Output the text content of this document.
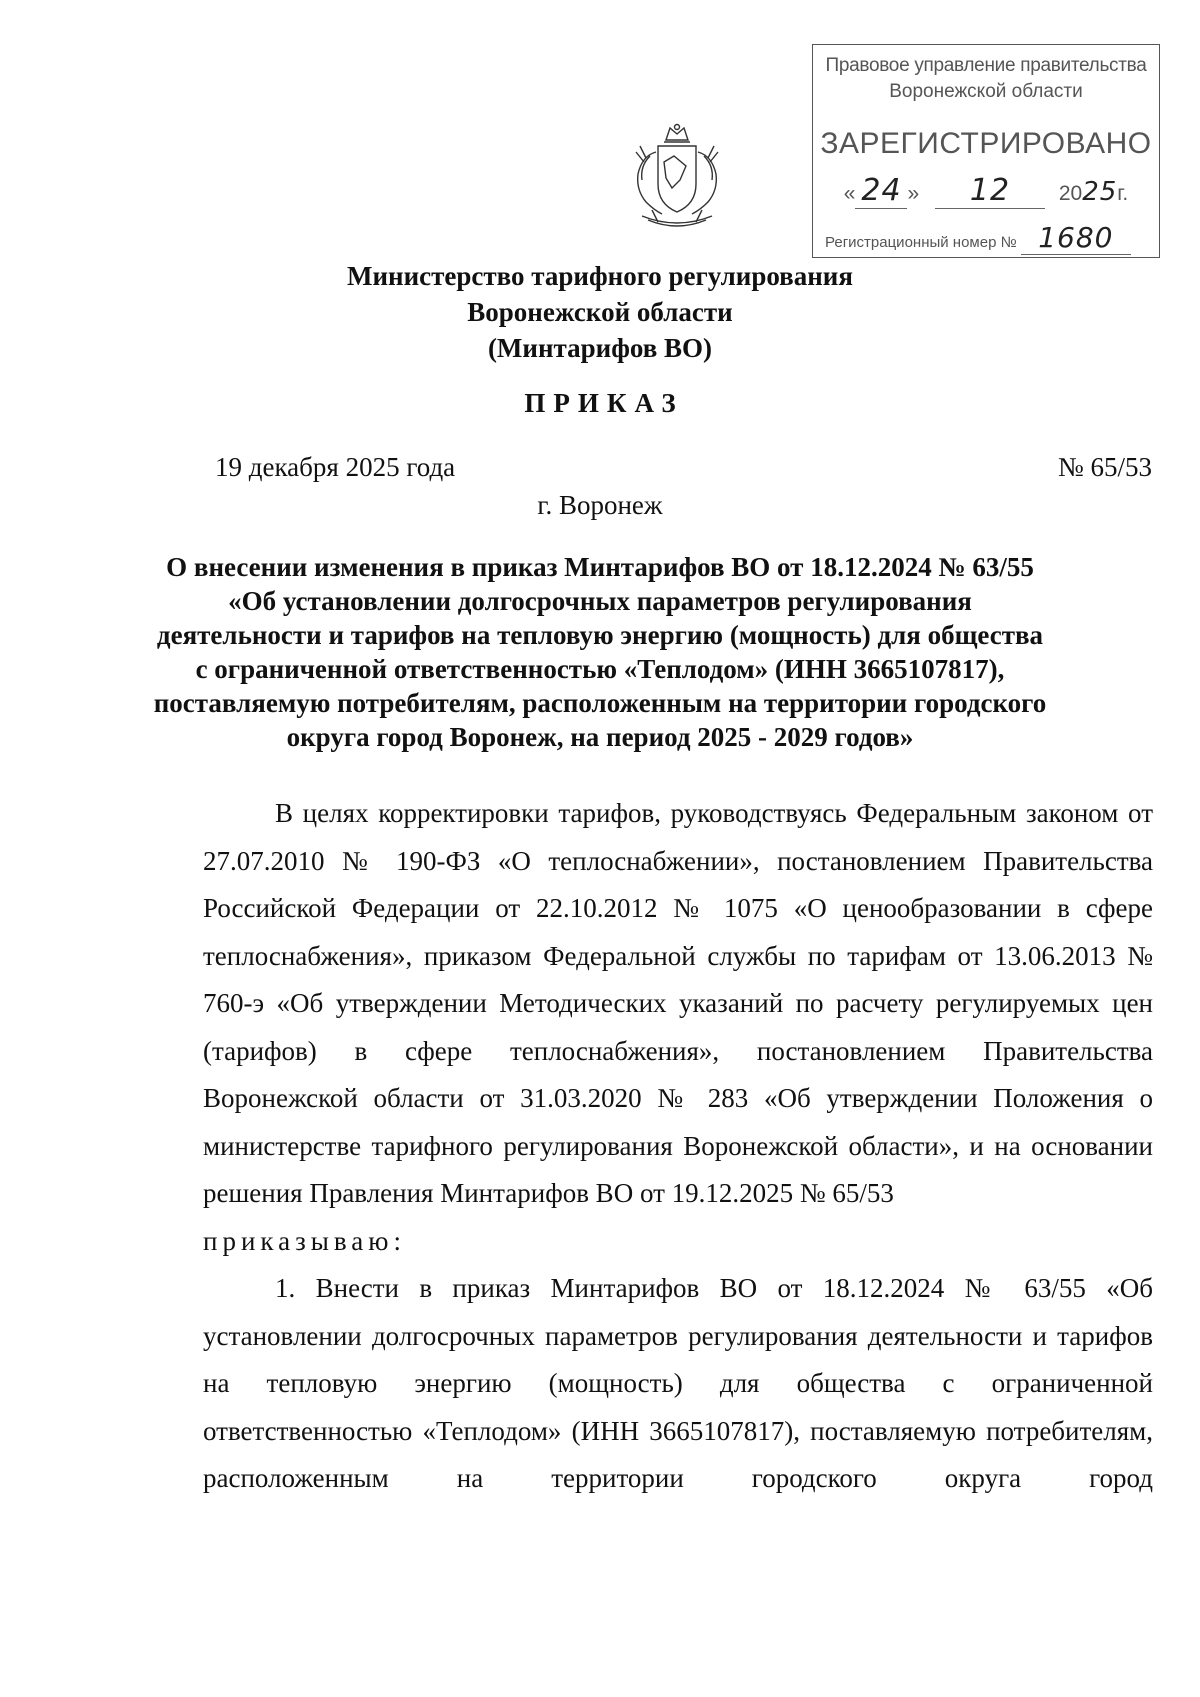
Правовое управление правительства
Воронежской области
ЗАРЕГИСТРИРОВАНО
« 24 » 12 2025г.
Регистрационный номер № 1680
Министерство тарифного регулирования
Воронежской области
(Минтарифов ВО)
ПРИКАЗ
19 декабря 2025 года	№ 65/53
г. Воронеж
О внесении изменения в приказ Минтарифов ВО от 18.12.2024 № 63/55
«Об установлении долгосрочных параметров регулирования
деятельности и тарифов на тепловую энергию (мощность) для общества
с ограниченной ответственностью «Теплодом» (ИНН 3665107817),
поставляемую потребителям, расположенным на территории городского
округа город Воронеж, на период 2025 - 2029 годов»

В целях корректировки тарифов, руководствуясь Федеральным законом от 27.07.2010 № 190-ФЗ «О теплоснабжении», постановлением Правительства Российской Федерации от 22.10.2012 № 1075 «О ценообразовании в сфере теплоснабжения», приказом Федеральной службы по тарифам от 13.06.2013 № 760-э «Об утверждении Методических указаний по расчету регулируемых цен (тарифов) в сфере теплоснабжения», постановлением Правительства Воронежской области от 31.03.2020 № 283 «Об утверждении Положения о министерстве тарифного регулирования Воронежской области», и на основании решения Правления Минтарифов ВО от 19.12.2025 № 65/53

приказываю:

1. Внести в приказ Минтарифов ВО от 18.12.2024 № 63/55 «Об установлении долгосрочных параметров регулирования деятельности и тарифов на тепловую энергию (мощность) для общества с ограниченной ответственностью «Теплодом» (ИНН 3665107817), поставляемую потребителям, расположенным на территории городского округа город
